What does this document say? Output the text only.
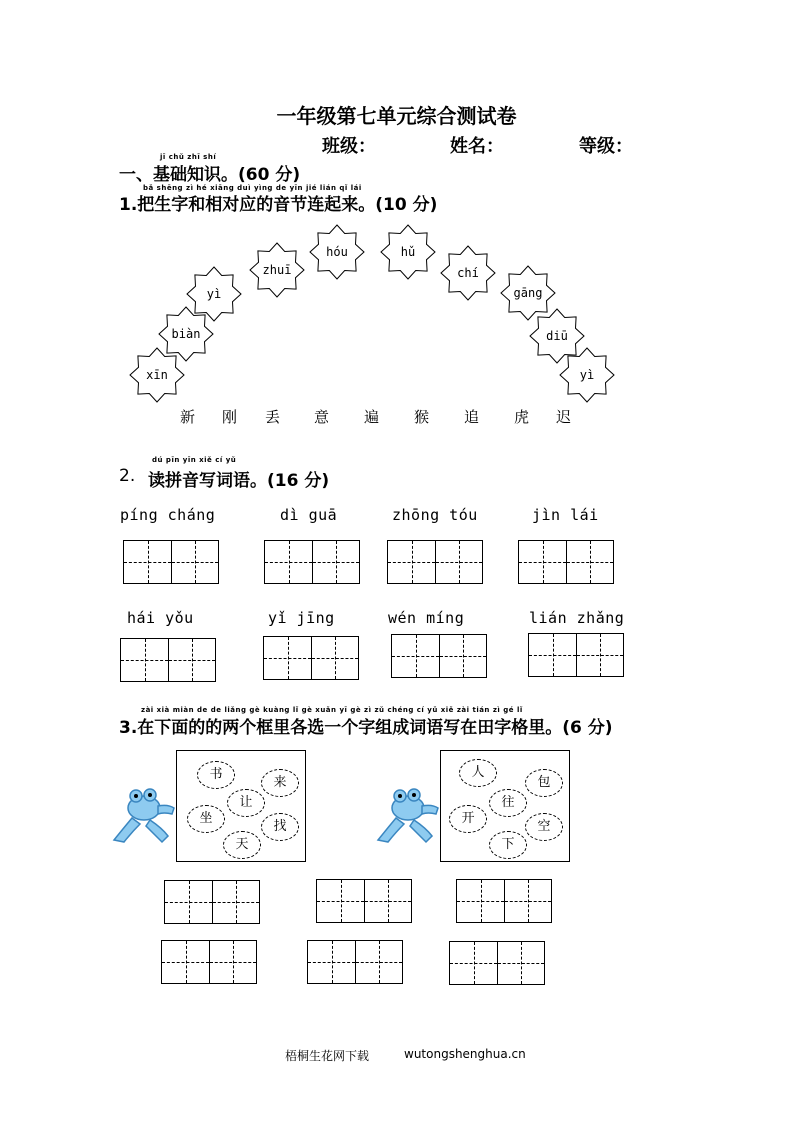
一年级第七单元综合测试卷
班级：	姓名：	等级：
jī chǔ zhī shí
一、基础知识。(60 分)
bǎ shēng zì hé xiāng duì yìng de yīn jié lián qǐ lái
1.把生字和相对应的音节连起来。(10 分)
xīn
biàn
yì
zhuī
hóu	hǔ
chí
gāng
diū
yì
新 刚 丢 意 遍 猴 追 虎 迟
dú pīn yīn xiě cí yǔ
2. 读拼音写词语。(16 分)
píng cháng	dì guā	zhōng tóu	jìn lái
hái yǒu	yǐ jīng	wén míng	lián zhǎng
zài xià miàn de de liǎng gè kuàng lǐ gè xuǎn yī gè zì zǔ chéng cí yǔ xiě zài tián zì gé lǐ
3.在下面的的两个框里各选一个字组成词语写在田字格里。(6 分)
书
来
让
坐
找
天
人
包
往
开
空
下
梧桐生花网下载	wutongshenghua.cn
